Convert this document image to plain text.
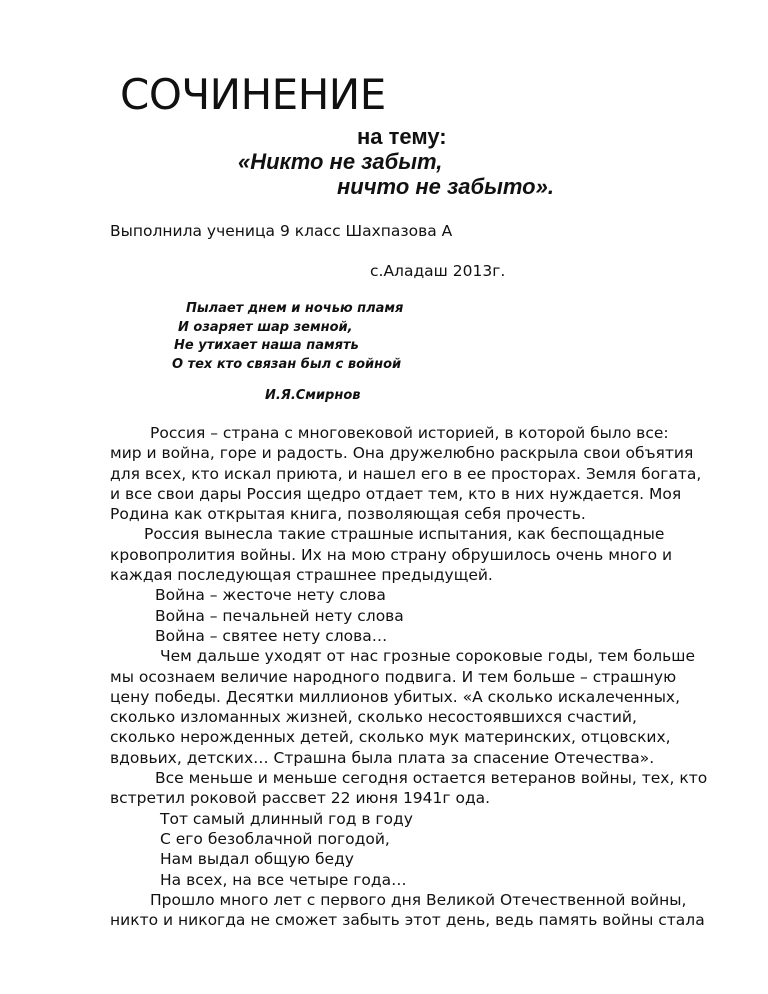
СОЧИНЕНИЕ
на тему:
«Никто не забыт,
ничто не забыто».
Выполнила ученица 9 класс Шахпазова А
с.Аладаш 2013г.
Пылает днем и ночью пламя
И озаряет шар земной,
Не утихает наша память
О тех кто связан был с войной
И.Я.Смирнов
Россия – страна с многовековой историей, в которой было все:
мир и война, горе и радость. Она дружелюбно раскрыла свои объятия
для всех, кто искал приюта, и нашел его в ее просторах. Земля богата,
и все свои дары Россия щедро отдает тем, кто в них нуждается. Моя
Родина как открытая книга, позволяющая себя прочесть.
Россия вынесла такие страшные испытания, как беспощадные
кровопролития войны. Их на мою страну обрушилось очень много и
каждая последующая страшнее предыдущей.
Война – жесточе нету слова
Война – печальней нету слова
Война – святее нету слова…
Чем дальше уходят от нас грозные сороковые годы, тем больше
мы осознаем величие народного подвига. И тем больше – страшную
цену победы. Десятки миллионов убитых. «А сколько искалеченных,
сколько изломанных жизней, сколько несостоявшихся счастий,
сколько нерожденных детей, сколько мук материнских, отцовских,
вдовьих, детских… Страшна была плата за спасение Отечества».
Все меньше и меньше сегодня остается ветеранов войны, тех, кто
встретил роковой рассвет 22 июня 1941г ода.
Тот самый длинный год в году
С его безоблачной погодой,
Нам выдал общую беду
На всех, на все четыре года…
Прошло много лет с первого дня Великой Отечественной войны,
никто и никогда не сможет забыть этот день, ведь память войны стала
